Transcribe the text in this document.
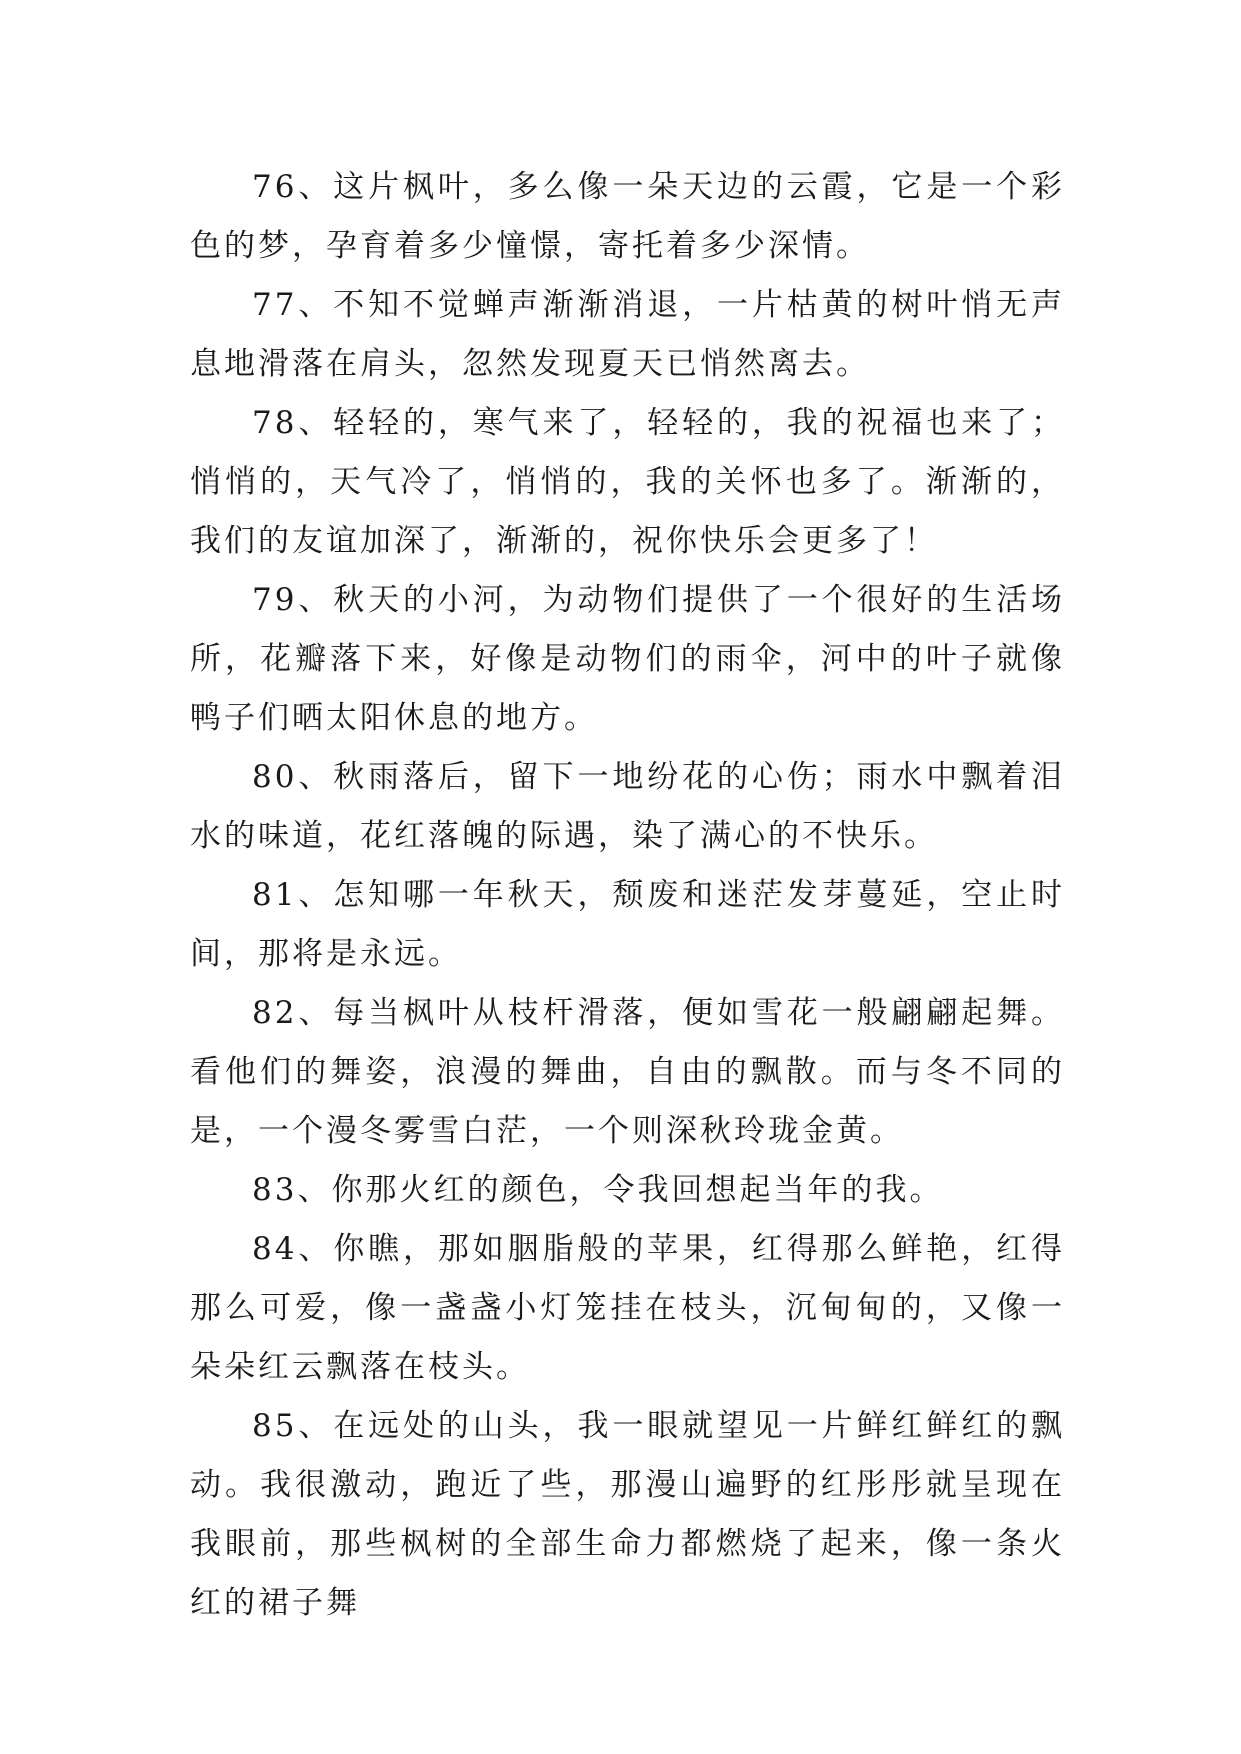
76、这片枫叶，多么像一朵天边的云霞，它是一个彩色的梦，孕育着多少憧憬，寄托着多少深情。

77、不知不觉蝉声渐渐消退，一片枯黄的树叶悄无声息地滑落在肩头，忽然发现夏天已悄然离去。

78、轻轻的，寒气来了，轻轻的，我的祝福也来了；悄悄的，天气冷了，悄悄的，我的关怀也多了。渐渐的，我们的友谊加深了，渐渐的，祝你快乐会更多了！

79、秋天的小河，为动物们提供了一个很好的生活场所，花瓣落下来，好像是动物们的雨伞，河中的叶子就像鸭子们晒太阳休息的地方。

80、秋雨落后，留下一地纷花的心伤；雨水中飘着泪水的味道，花红落魄的际遇，染了满心的不快乐。

81、怎知哪一年秋天，颓废和迷茫发芽蔓延，空止时间，那将是永远。

82、每当枫叶从枝杆滑落，便如雪花一般翩翩起舞。看他们的舞姿，浪漫的舞曲，自由的飘散。而与冬不同的是，一个漫冬雾雪白茫，一个则深秋玲珑金黄。

83、你那火红的颜色，令我回想起当年的我。

84、你瞧，那如胭脂般的苹果，红得那么鲜艳，红得那么可爱，像一盏盏小灯笼挂在枝头，沉甸甸的，又像一朵朵红云飘落在枝头。

85、在远处的山头，我一眼就望见一片鲜红鲜红的飘动。我很激动，跑近了些，那漫山遍野的红彤彤就呈现在我眼前，那些枫树的全部生命力都燃烧了起来，像一条火红的裙子舞
